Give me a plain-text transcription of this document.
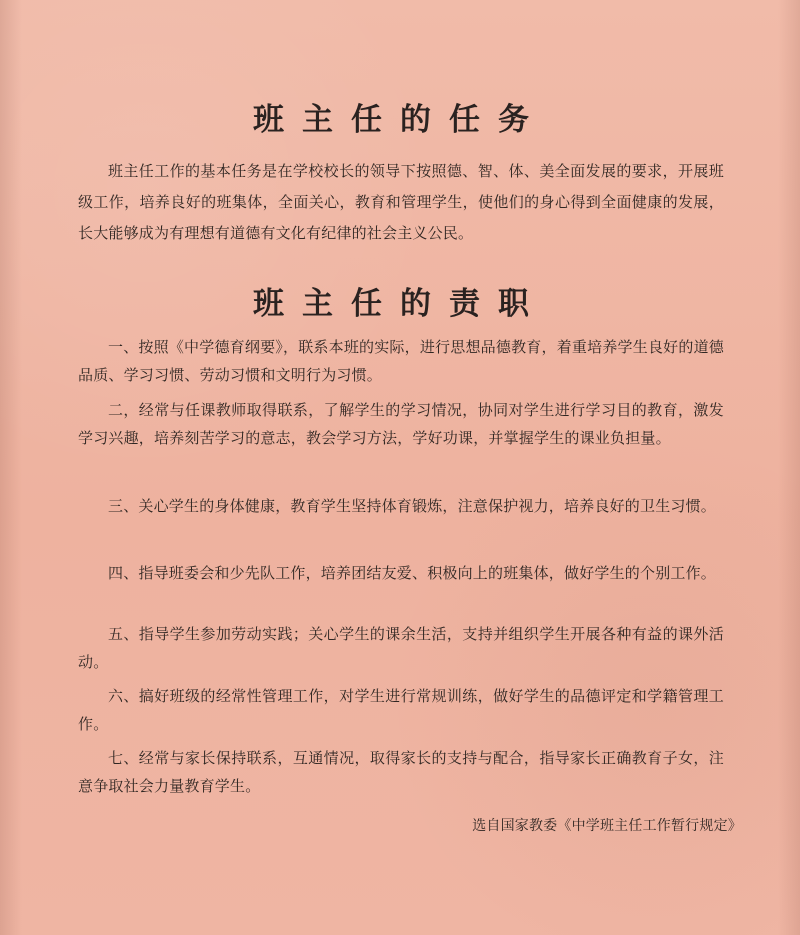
班主任的任务
班主任工作的基本任务是在学校校长的领导下按照德、智、体、美全面发展的要求，开展班级工作，培养良好的班集体，全面关心，教育和管理学生，使他们的身心得到全面健康的发展，长大能够成为有理想有道德有文化有纪律的社会主义公民。
班主任的责职
一、按照《中学德育纲要》，联系本班的实际，进行思想品德教育，着重培养学生良好的道德品质、学习习惯、劳动习惯和文明行为习惯。
二，经常与任课教师取得联系，了解学生的学习情况，协同对学生进行学习目的教育，激发学习兴趣，培养刻苦学习的意志，教会学习方法，学好功课，并掌握学生的课业负担量。
三、关心学生的身体健康，教育学生坚持体育锻炼，注意保护视力，培养良好的卫生习惯。
四、指导班委会和少先队工作，培养团结友爱、积极向上的班集体，做好学生的个别工作。
五、指导学生参加劳动实践；关心学生的课余生活，支持并组织学生开展各种有益的课外活动。
六、搞好班级的经常性管理工作，对学生进行常规训练，做好学生的品德评定和学籍管理工作。
七、经常与家长保持联系，互通情况，取得家长的支持与配合，指导家长正确教育子女，注意争取社会力量教育学生。
选自国家教委《中学班主任工作暂行规定》
